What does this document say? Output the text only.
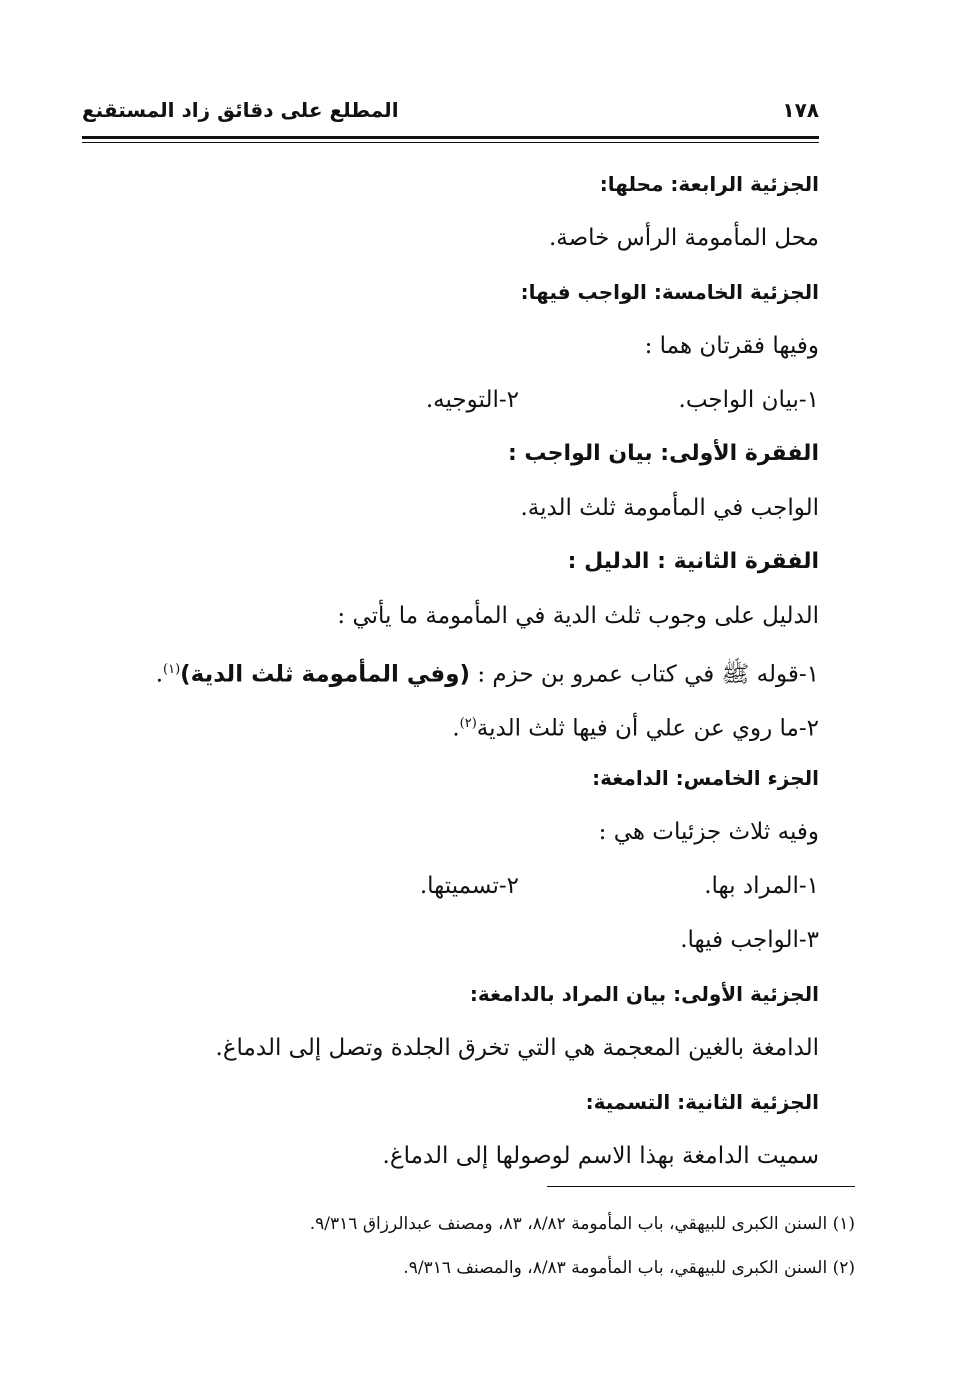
المطلع على دقائق زاد المستقنع	١٧٨
الجزئية الرابعة: محلها:
محل المأمومة الرأس خاصة.
الجزئية الخامسة: الواجب فيها:
وفيها فقرتان هما :
١-بيان الواجب.
٢-التوجيه.
الفقرة الأولى: بيان الواجب :
الواجب في المأمومة ثلث الدية.
الفقرة الثانية : الدليل :
الدليل على وجوب ثلث الدية في المأمومة ما يأتي :
١-قوله ﷺ في كتاب عمرو بن حزم : (وفي المأمومة ثلث الدية)$^{(١)}$.
٢-ما روي عن علي أن فيها ثلث الدية$^{(٢)}$.
الجزء الخامس: الدامغة:
وفيه ثلاث جزئيات هي :
١-المراد بها.
٢-تسميتها.
٣-الواجب فيها.
الجزئية الأولى: بيان المراد بالدامغة:
الدامغة بالغين المعجمة هي التي تخرق الجلدة وتصل إلى الدماغ.
الجزئية الثانية: التسمية:
سميت الدامغة بهذا الاسم لوصولها إلى الدماغ.
(١) السنن الكبرى للبيهقي، باب المأمومة ٨/٨٢، ٨٣، ومصنف عبدالرزاق ٩/٣١٦.
(٢) السنن الكبرى للبيهقي، باب المأمومة ٨/٨٣، والمصنف ٩/٣١٦.
